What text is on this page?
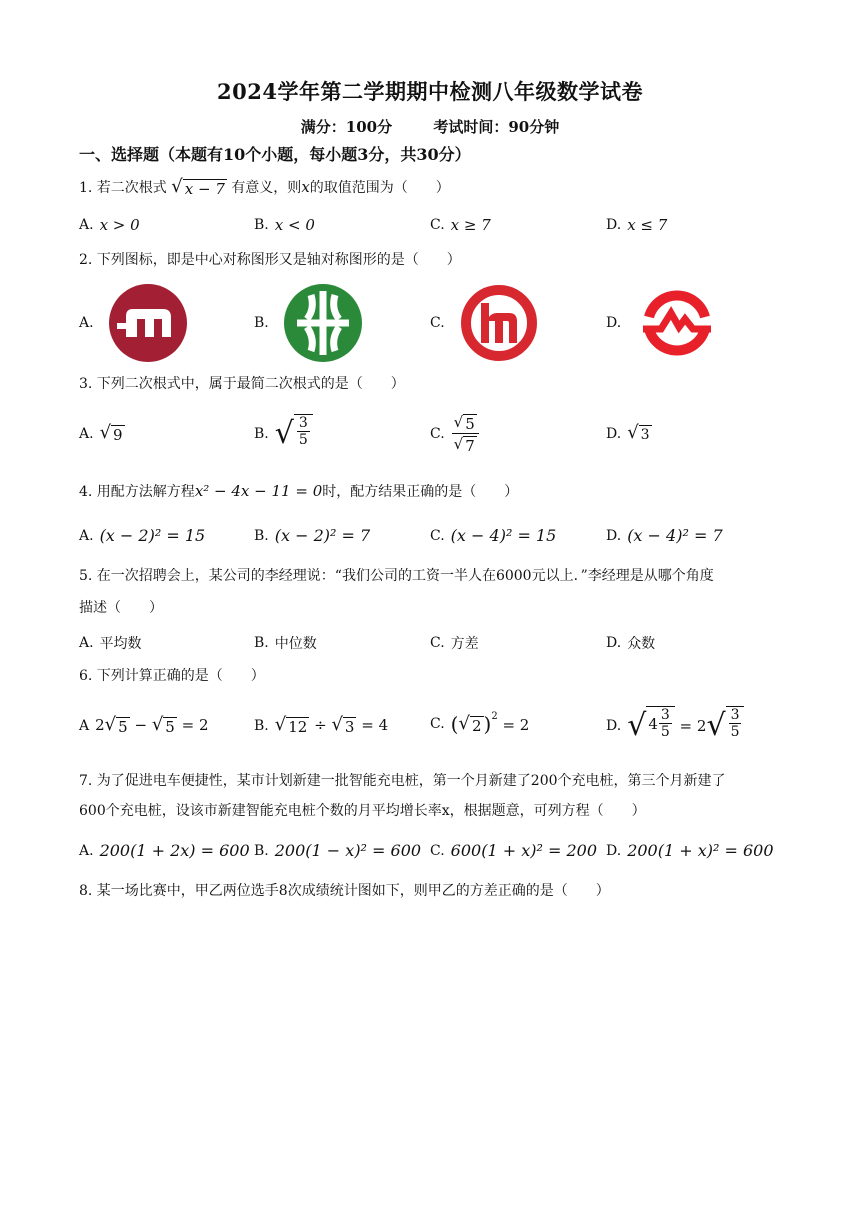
2024学年第二学期期中检测八年级数学试卷
满分：100分	考试时间：90分钟
一、选择题（本题有10个小题，每小题3分，共30分）
1. 若二次根式 √ x − 7 有意义，则x的取值范围为（　　）
A. x > 0	B. x < 0	C. x ≥ 7	D. x ≤ 7
2. 下列图标，即是中心对称图形又是轴对称图形的是（　　）
A.	B.	C.	D.
3. 下列二次根式中，属于最简二次根式的是（　　）
A. √ 9	B. √ $\frac{3}{5}$	C. $\frac{√ 5}{√ 7}$	D. √ 3
4. 用配方法解方程x² − 4x − 11 = 0时，配方结果正确的是（　　）
A. (x − 2)² = 15	B. (x − 2)² = 7	C. (x − 4)² = 15	D. (x − 4)² = 7
5. 在一次招聘会上，某公司的李经理说：“我们公司的工资一半人在6000元以上．”李经理是从哪个角度
描述（　　）
A. 平均数	B. 中位数	C. 方差	D. 众数
6. 下列计算正确的是（　　）
A 2 √ 5 − √ 5 = 2	B. √ 12 ÷ √ 3 = 4	C. ( √ 2 )$^2$ = 2	D. √ $4 \frac{3}{5} = 2$ √ $\frac{3}{5}$
7. 为了促进电车便捷性，某市计划新建一批智能充电桩，第一个月新建了200个充电桩，第三个月新建了
600个充电桩，设该市新建智能充电桩个数的月平均增长率x，根据题意，可列方程（　　）
A. 200(1 + 2x) = 600 B. 200(1 − x)² = 600 C. 600(1 + x)² = 200 D. 200(1 + x)² = 600
8. 某一场比赛中，甲乙两位选手8次成绩统计图如下，则甲乙的方差正确的是（　　）
